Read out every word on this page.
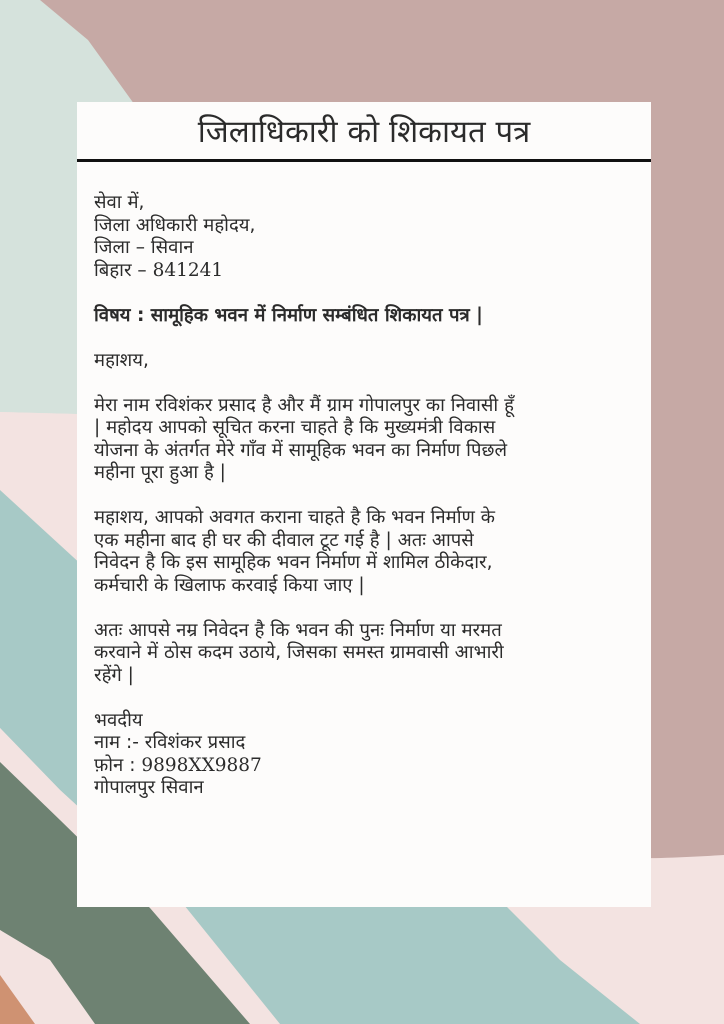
जिलाधिकारी को शिकायत पत्र
सेवा में,
जिला अधिकारी महोदय,
जिला – सिवान
बिहार – 841241
विषय : सामूहिक भवन में निर्माण सम्बंधित शिकायत पत्र |
महाशय,
मेरा नाम रविशंकर प्रसाद है और मैं ग्राम गोपालपुर का निवासी हूँ
| महोदय आपको सूचित करना चाहते है कि मुख्यमंत्री विकास
योजना के अंतर्गत मेरे गाँव में सामूहिक भवन का निर्माण पिछले
महीना पूरा हुआ है |
महाशय, आपको अवगत कराना चाहते है कि भवन निर्माण के
एक महीना बाद ही घर की दीवाल टूट गई है | अतः आपसे
निवेदन है कि इस सामूहिक भवन निर्माण में शामिल ठीकेदार,
कर्मचारी के खिलाफ करवाई किया जाए |
अतः आपसे नम्र निवेदन है कि भवन की पुनः निर्माण या मरमत
करवाने में ठोस कदम उठाये, जिसका समस्त ग्रामवासी आभारी
रहेंगे |
भवदीय
नाम :- रविशंकर प्रसाद
फ़ोन : 9898XX9887
गोपालपुर सिवान
